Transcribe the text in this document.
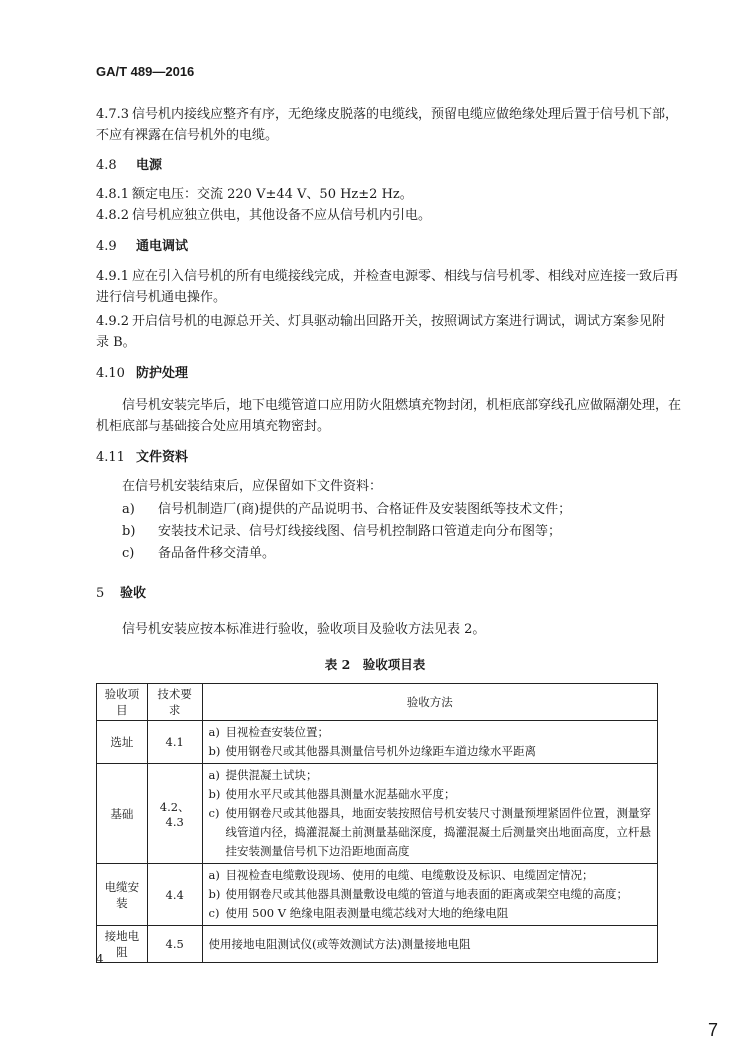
GA/T 489—2016
4.7.3 信号机内接线应整齐有序，无绝缘皮脱落的电缆线，预留电缆应做绝缘处理后置于信号机下部，
不应有裸露在信号机外的电缆。
4.8 电源
4.8.1 额定电压：交流 220 V±44 V、50 Hz±2 Hz。
4.8.2 信号机应独立供电，其他设备不应从信号机内引电。
4.9 通电调试
4.9.1 应在引入信号机的所有电缆接线完成，并检查电源零、相线与信号机零、相线对应连接一致后再
进行信号机通电操作。
4.9.2 开启信号机的电源总开关、灯具驱动输出回路开关，按照调试方案进行调试，调试方案参见附
录 B。
4.10 防护处理
信号机安装完毕后，地下电缆管道口应用防火阻燃填充物封闭，机柜底部穿线孔应做隔潮处理，在
机柜底部与基础接合处应用填充物密封。
4.11 文件资料
在信号机安装结束后，应保留如下文件资料：
a) 信号机制造厂(商)提供的产品说明书、合格证件及安装图纸等技术文件；
b) 安装技术记录、信号灯线接线图、信号机控制路口管道走向分布图等；
c) 备品备件移交清单。
5 验收
信号机安装应按本标准进行验收，验收项目及验收方法见表 2。
表 2　验收项目表
验收项目	技术要求	验收方法
选址	4.1	a) 目视检查安装位置；
b) 使用钢卷尺或其他器具测量信号机外边缘距车道边缘水平距离

基础	4.2、4.3	a) 提供混凝土试块；
b) 使用水平尺或其他器具测量水泥基础水平度；
c) 使用钢卷尺或其他器具，地面安装按照信号机安装尺寸测量预埋紧固件位置，测量穿
线管道内径，捣灌混凝土前测量基础深度，捣灌混凝土后测量突出地面高度，立杆悬
挂安装测量信号机下边沿距地面高度

电缆安装	4.4	a) 目视检查电缆敷设现场、使用的电缆、电缆敷设及标识、电缆固定情况；
b) 使用钢卷尺或其他器具测量敷设电缆的管道与地表面的距离或架空电缆的高度；
c) 使用 500 V 绝缘电阻表测量电缆芯线对大地的绝缘电阻

接地电阻	4.5	使用接地电阻测试仪(或等效测试方法)测量接地电阻
4
7
